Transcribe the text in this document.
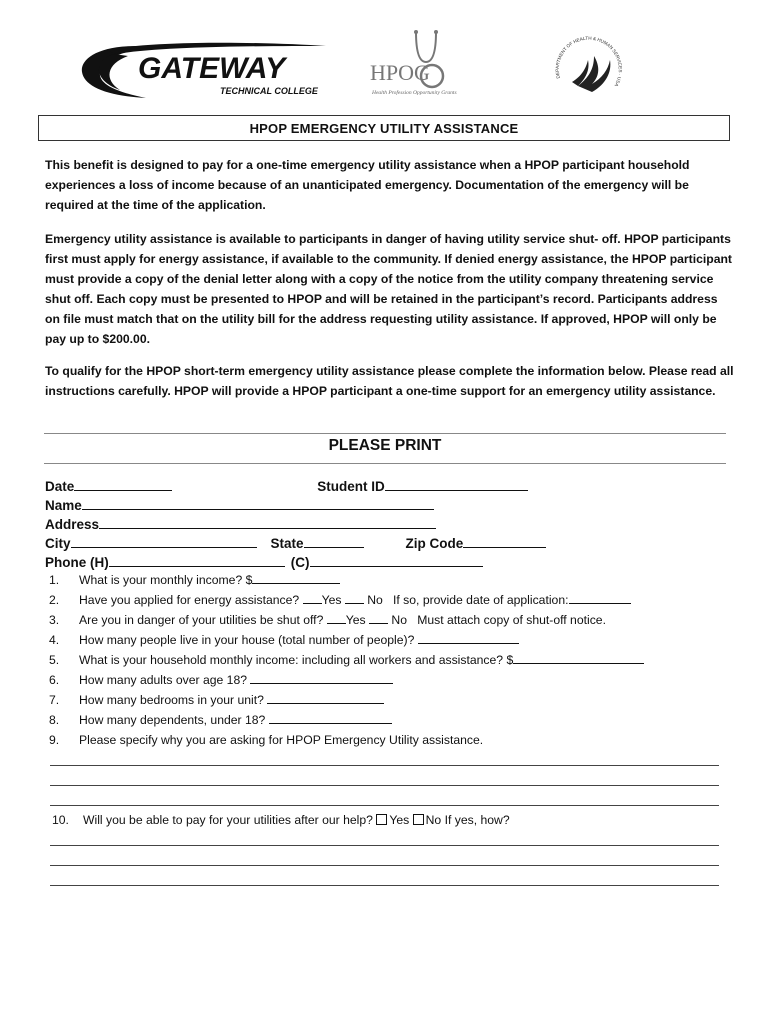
GATEWAY
TECHNICAL COLLEGE
HPOG
Health Profession Opportunity Grants
DEPARTMENT OF HEALTH & HUMAN SERVICES · USA
HPOP EMERGENCY UTILITY ASSISTANCE

This benefit is designed to pay for a one-time emergency utility assistance when a HPOP participant household experiences a loss of income because of an unanticipated emergency. Documentation of the emergency will be required at the time of the application.

Emergency utility assistance is available to participants in danger of having utility service shut- off. HPOP participants first must apply for energy assistance, if available to the community. If denied energy assistance, the HPOP participant must provide a copy of the denial letter along with a copy of the notice from the utility company threatening service shut off. Each copy must be presented to HPOP and will be retained in the participant’s record. Participants address on file must match that on the utility bill for the address requesting utility assistance. If approved, HPOP will only be pay up to $200.00.

To qualify for the HPOP short-term emergency utility assistance please complete the information below. Please read all instructions carefully. HPOP will provide a HPOP participant a one-time support for an emergency utility assistance.

PLEASE PRINT
Date	Student ID
Name
Address
City	State	Zip Code
Phone (H)	(C)
1. What is your monthly income? $
2. Have you applied for energy assistance? Yes No If so, provide date of application:
3. Are you in danger of your utilities be shut off? Yes No Must attach copy of shut-off notice.
4. How many people live in your house (total number of people)?
5. What is your household monthly income: including all workers and assistance? $
6. How many adults over age 18?
7. How many bedrooms in your unit?
8. How many dependents, under 18?
9. Please specify why you are asking for HPOP Emergency Utility assistance.
10. Will you be able to pay for your utilities after our help? Yes No If yes, how?
